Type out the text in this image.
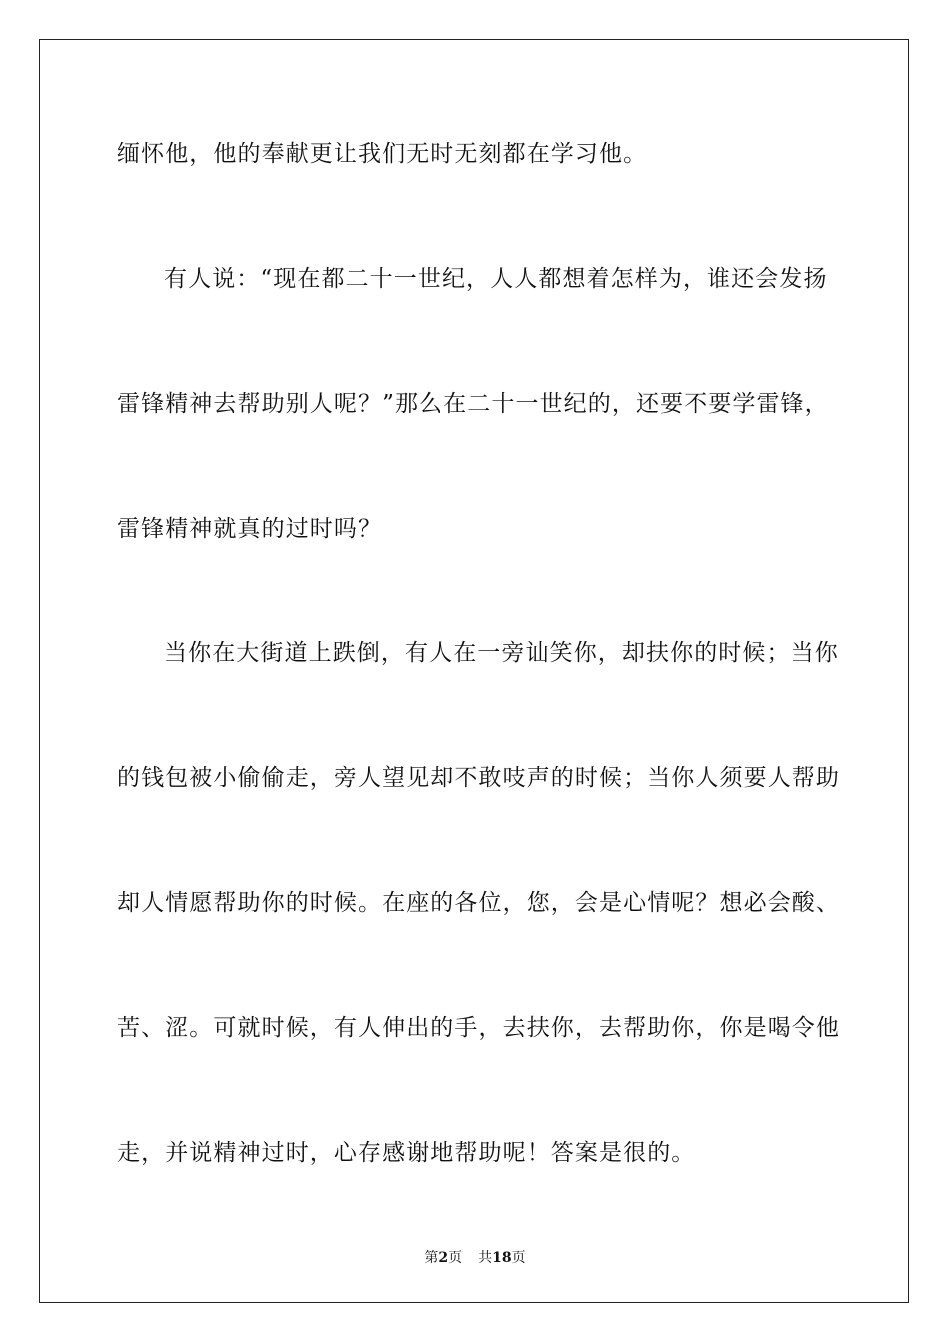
缅怀他，他的奉献更让我们无时无刻都在学习他。
有人说：“现在都二十一世纪，人人都想着怎样为，谁还会发扬
雷锋精神去帮助别人呢？”那么在二十一世纪的，还要不要学雷锋，
雷锋精神就真的过时吗？
当你在大街道上跌倒，有人在一旁讪笑你，却扶你的时候；当你
的钱包被小偷偷走，旁人望见却不敢吱声的时候；当你人须要人帮助
却人情愿帮助你的时候。在座的各位，您，会是心情呢？想必会酸、
苦、涩。可就时候，有人伸出的手，去扶你，去帮助你，你是喝令他
走，并说精神过时，心存感谢地帮助呢！答案是很的。
第2页 共18页
